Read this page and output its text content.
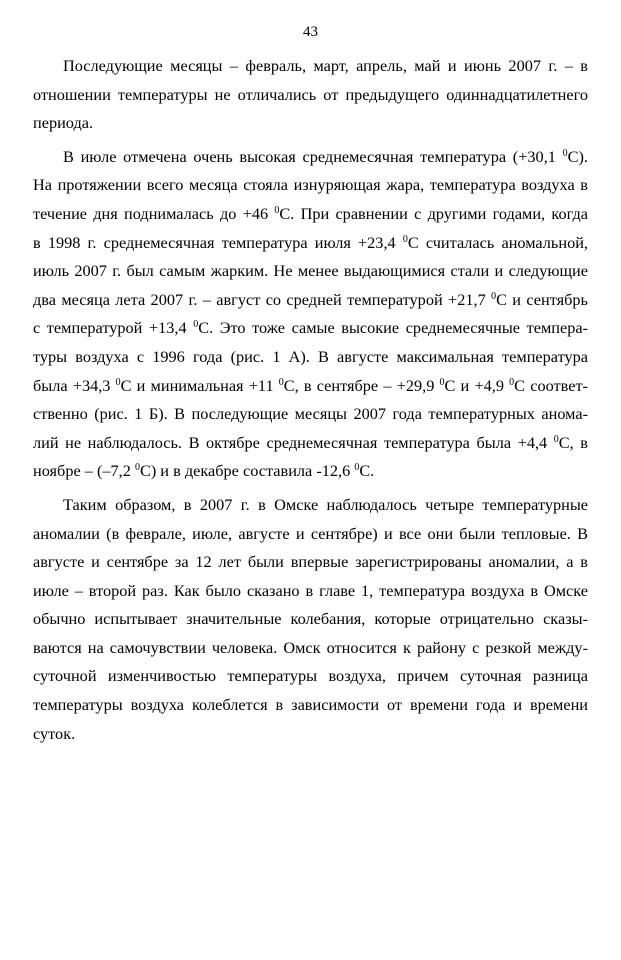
43

Последующие месяцы – февраль, март, апрель, май и июнь 2007 г. – в
отношении температуры не отличались от предыдущего одиннадцатилетнего
периода.

В июле отмечена очень высокая среднемесячная температура (+30,1 $^0$С).
На протяжении всего месяца стояла изнуряющая жара, температура воздуха в
течение дня поднималась до +46 $^0$С. При сравнении с другими годами, когда
в 1998 г. среднемесячная температура июля +23,4 $^0$С считалась аномальной,
июль 2007 г. был самым жарким. Не менее выдающимися стали и следующие
два месяца лета 2007 г. – август со средней температурой +21,7 $^0$С и сентябрь
с температурой +13,4 $^0$С. Это тоже самые высокие среднемесячные темпера-
туры воздуха с 1996 года (рис. 1 А). В августе максимальная температура
была +34,3 $^0$С и минимальная +11 $^0$С, в сентябре – +29,9 $^0$С и +4,9 $^0$С соответ-
ственно (рис. 1 Б). В последующие месяцы 2007 года температурных анома-
лий не наблюдалось. В октябре среднемесячная температура была +4,4 $^0$С, в
ноябре – (–7,2 $^0$С) и в декабре составила -12,6 $^0$С.

Таким образом, в 2007 г. в Омске наблюдалось четыре температурные
аномалии (в феврале, июле, августе и сентябре) и все они были тепловые. В
августе и сентябре за 12 лет были впервые зарегистрированы аномалии, а в
июле – второй раз. Как было сказано в главе 1, температура воздуха в Омске
обычно испытывает значительные колебания, которые отрицательно сказы-
ваются на самочувствии человека. Омск относится к району с резкой между-
суточной изменчивостью температуры воздуха, причем суточная разница
температуры воздуха колеблется в зависимости от времени года и времени
суток.
